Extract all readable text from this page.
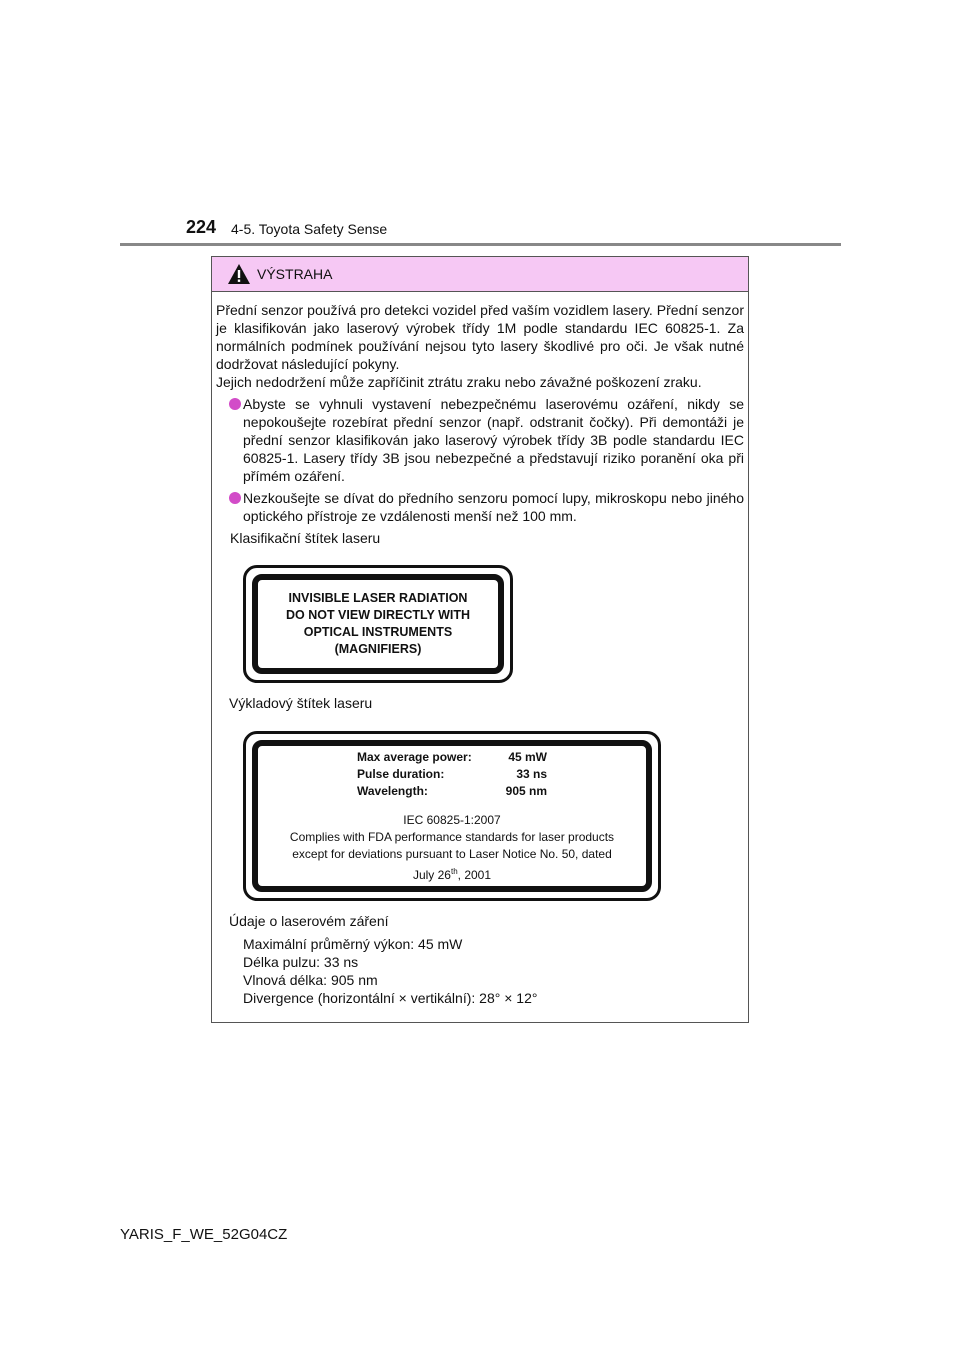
224 4-5. Toyota Safety Sense
VÝSTRAHA

Přední senzor používá pro detekci vozidel před vaším vozidlem lasery. Přední senzor je klasifikován jako laserový výrobek třídy 1M podle standardu IEC 60825-1. Za normálních podmínek používání nejsou tyto lasery škodlivé pro oči. Je však nutné dodržovat následující pokyny.

Jejich nedodržení může zapříčinit ztrátu zraku nebo závažné poškození zraku.

Abyste se vyhnuli vystavení nebezpečnému laserovému ozáření, nikdy se nepokoušejte rozebírat přední senzor (např. odstranit čočky). Při demontáži je přední senzor klasifikován jako laserový výrobek třídy 3B podle standardu IEC 60825-1. Lasery třídy 3B jsou nebezpečné a představují riziko poranění oka při přímém ozáření.
Nezkoušejte se dívat do předního senzoru pomocí lupy, mikroskopu nebo jiného optického přístroje ze vzdálenosti menší než 100 mm.
Klasifikační štítek laseru
INVISIBLE LASER RADIATION
DO NOT VIEW DIRECTLY WITH
OPTICAL INSTRUMENTS
(MAGNIFIERS)
Výkladový štítek laseru
Max average power:	45 mW
Pulse duration:	33 ns
Wavelength:	905 nm
IEC 60825-1:2007
Complies with FDA performance standards for laser products
except for deviations pursuant to Laser Notice No. 50, dated
July 26th, 2001
Údaje o laserovém záření
Maximální průměrný výkon: 45 mW
Délka pulzu: 33 ns
Vlnová délka: 905 nm
Divergence (horizontální × vertikální): 28° × 12°
YARIS_F_WE_52G04CZ
